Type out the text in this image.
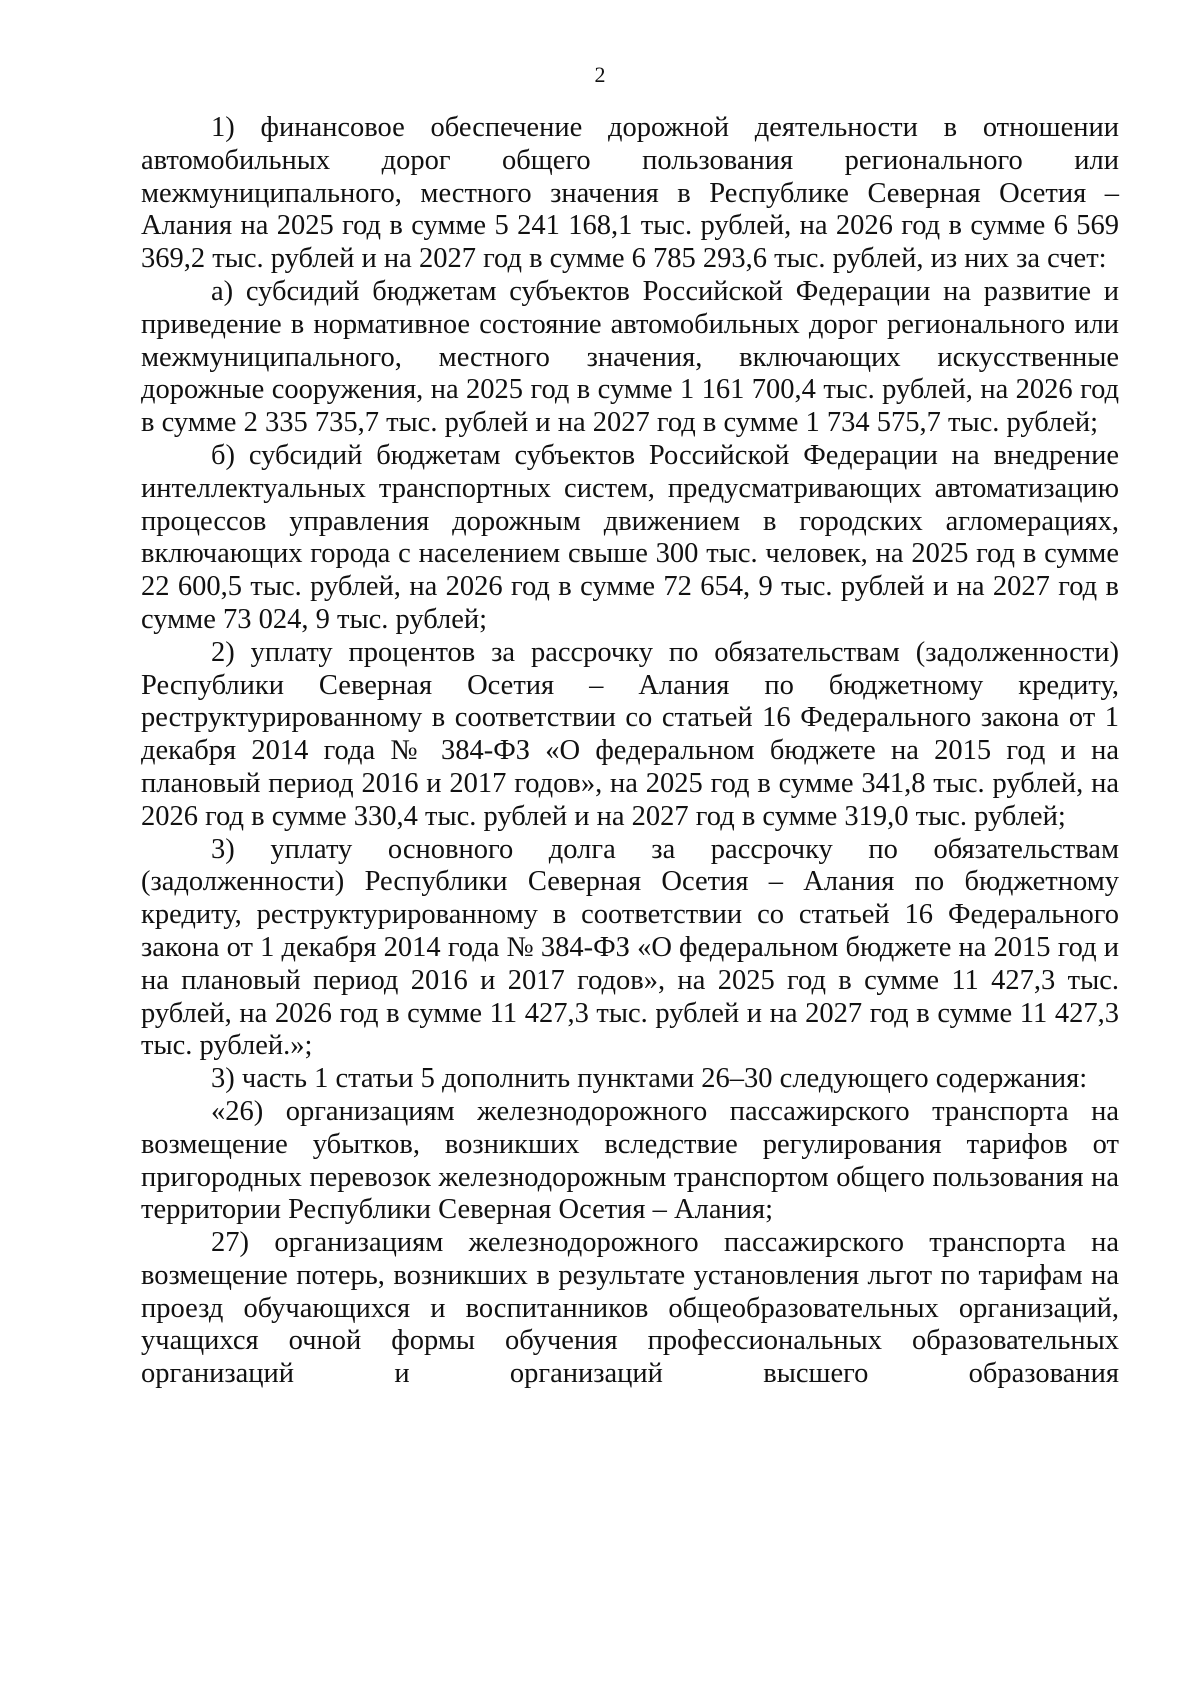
2

1) финансовое обеспечение дорожной деятельности в отношении автомобильных дорог общего пользования регионального или межмуниципального, местного значения в Республике Северная Осетия – Алания на 2025 год в сумме 5 241 168,1 тыс. рублей, на 2026 год в сумме 6 569 369,2 тыс. рублей и на 2027 год в сумме 6 785 293,6 тыс. рублей, из них за счет:

а) субсидий бюджетам субъектов Российской Федерации на развитие и приведение в нормативное состояние автомобильных дорог регионального или межмуниципального, местного значения, включающих искусственные дорожные сооружения, на 2025 год в сумме 1 161 700,4 тыс. рублей, на 2026 год в сумме 2 335 735,7 тыс. рублей и на 2027 год в сумме 1 734 575,7 тыс. рублей;

б) субсидий бюджетам субъектов Российской Федерации на внедрение интеллектуальных транспортных систем, предусматривающих автоматизацию процессов управления дорожным движением в городских агломерациях, включающих города с населением свыше 300 тыс. человек, на 2025 год в сумме 22 600,5 тыс. рублей, на 2026 год в сумме 72 654, 9 тыс. рублей и на 2027 год в сумме 73 024, 9 тыс. рублей;

2) уплату процентов за рассрочку по обязательствам (задолженности) Республики Северная Осетия – Алания по бюджетному кредиту, реструктурированному в соответствии со статьей 16 Федерального закона от 1 декабря 2014 года № 384-ФЗ «О федеральном бюджете на 2015 год и на плановый период 2016 и 2017 годов», на 2025 год в сумме 341,8 тыс. рублей, на 2026 год в сумме 330,4 тыс. рублей и на 2027 год в сумме 319,0 тыс. рублей;

3) уплату основного долга за рассрочку по обязательствам (задолженности) Республики Северная Осетия – Алания по бюджетному кредиту, реструктурированному в соответствии со статьей 16 Федерального закона от 1 декабря 2014 года № 384-ФЗ «О федеральном бюджете на 2015 год и на плановый период 2016 и 2017 годов», на 2025 год в сумме 11 427,3 тыс. рублей, на 2026 год в сумме 11 427,3 тыс. рублей и на 2027 год в сумме 11 427,3 тыс. рублей.»;

3) часть 1 статьи 5 дополнить пунктами 26–30 следующего содержания:

«26) организациям железнодорожного пассажирского транспорта на возмещение убытков, возникших вследствие регулирования тарифов от пригородных перевозок железнодорожным транспортом общего пользования на территории Республики Северная Осетия – Алания;

27) организациям железнодорожного пассажирского транспорта на возмещение потерь, возникших в результате установления льгот по тарифам на проезд обучающихся и воспитанников общеобразовательных организаций, учащихся очной формы обучения профессиональных образовательных организаций и организаций высшего образования
